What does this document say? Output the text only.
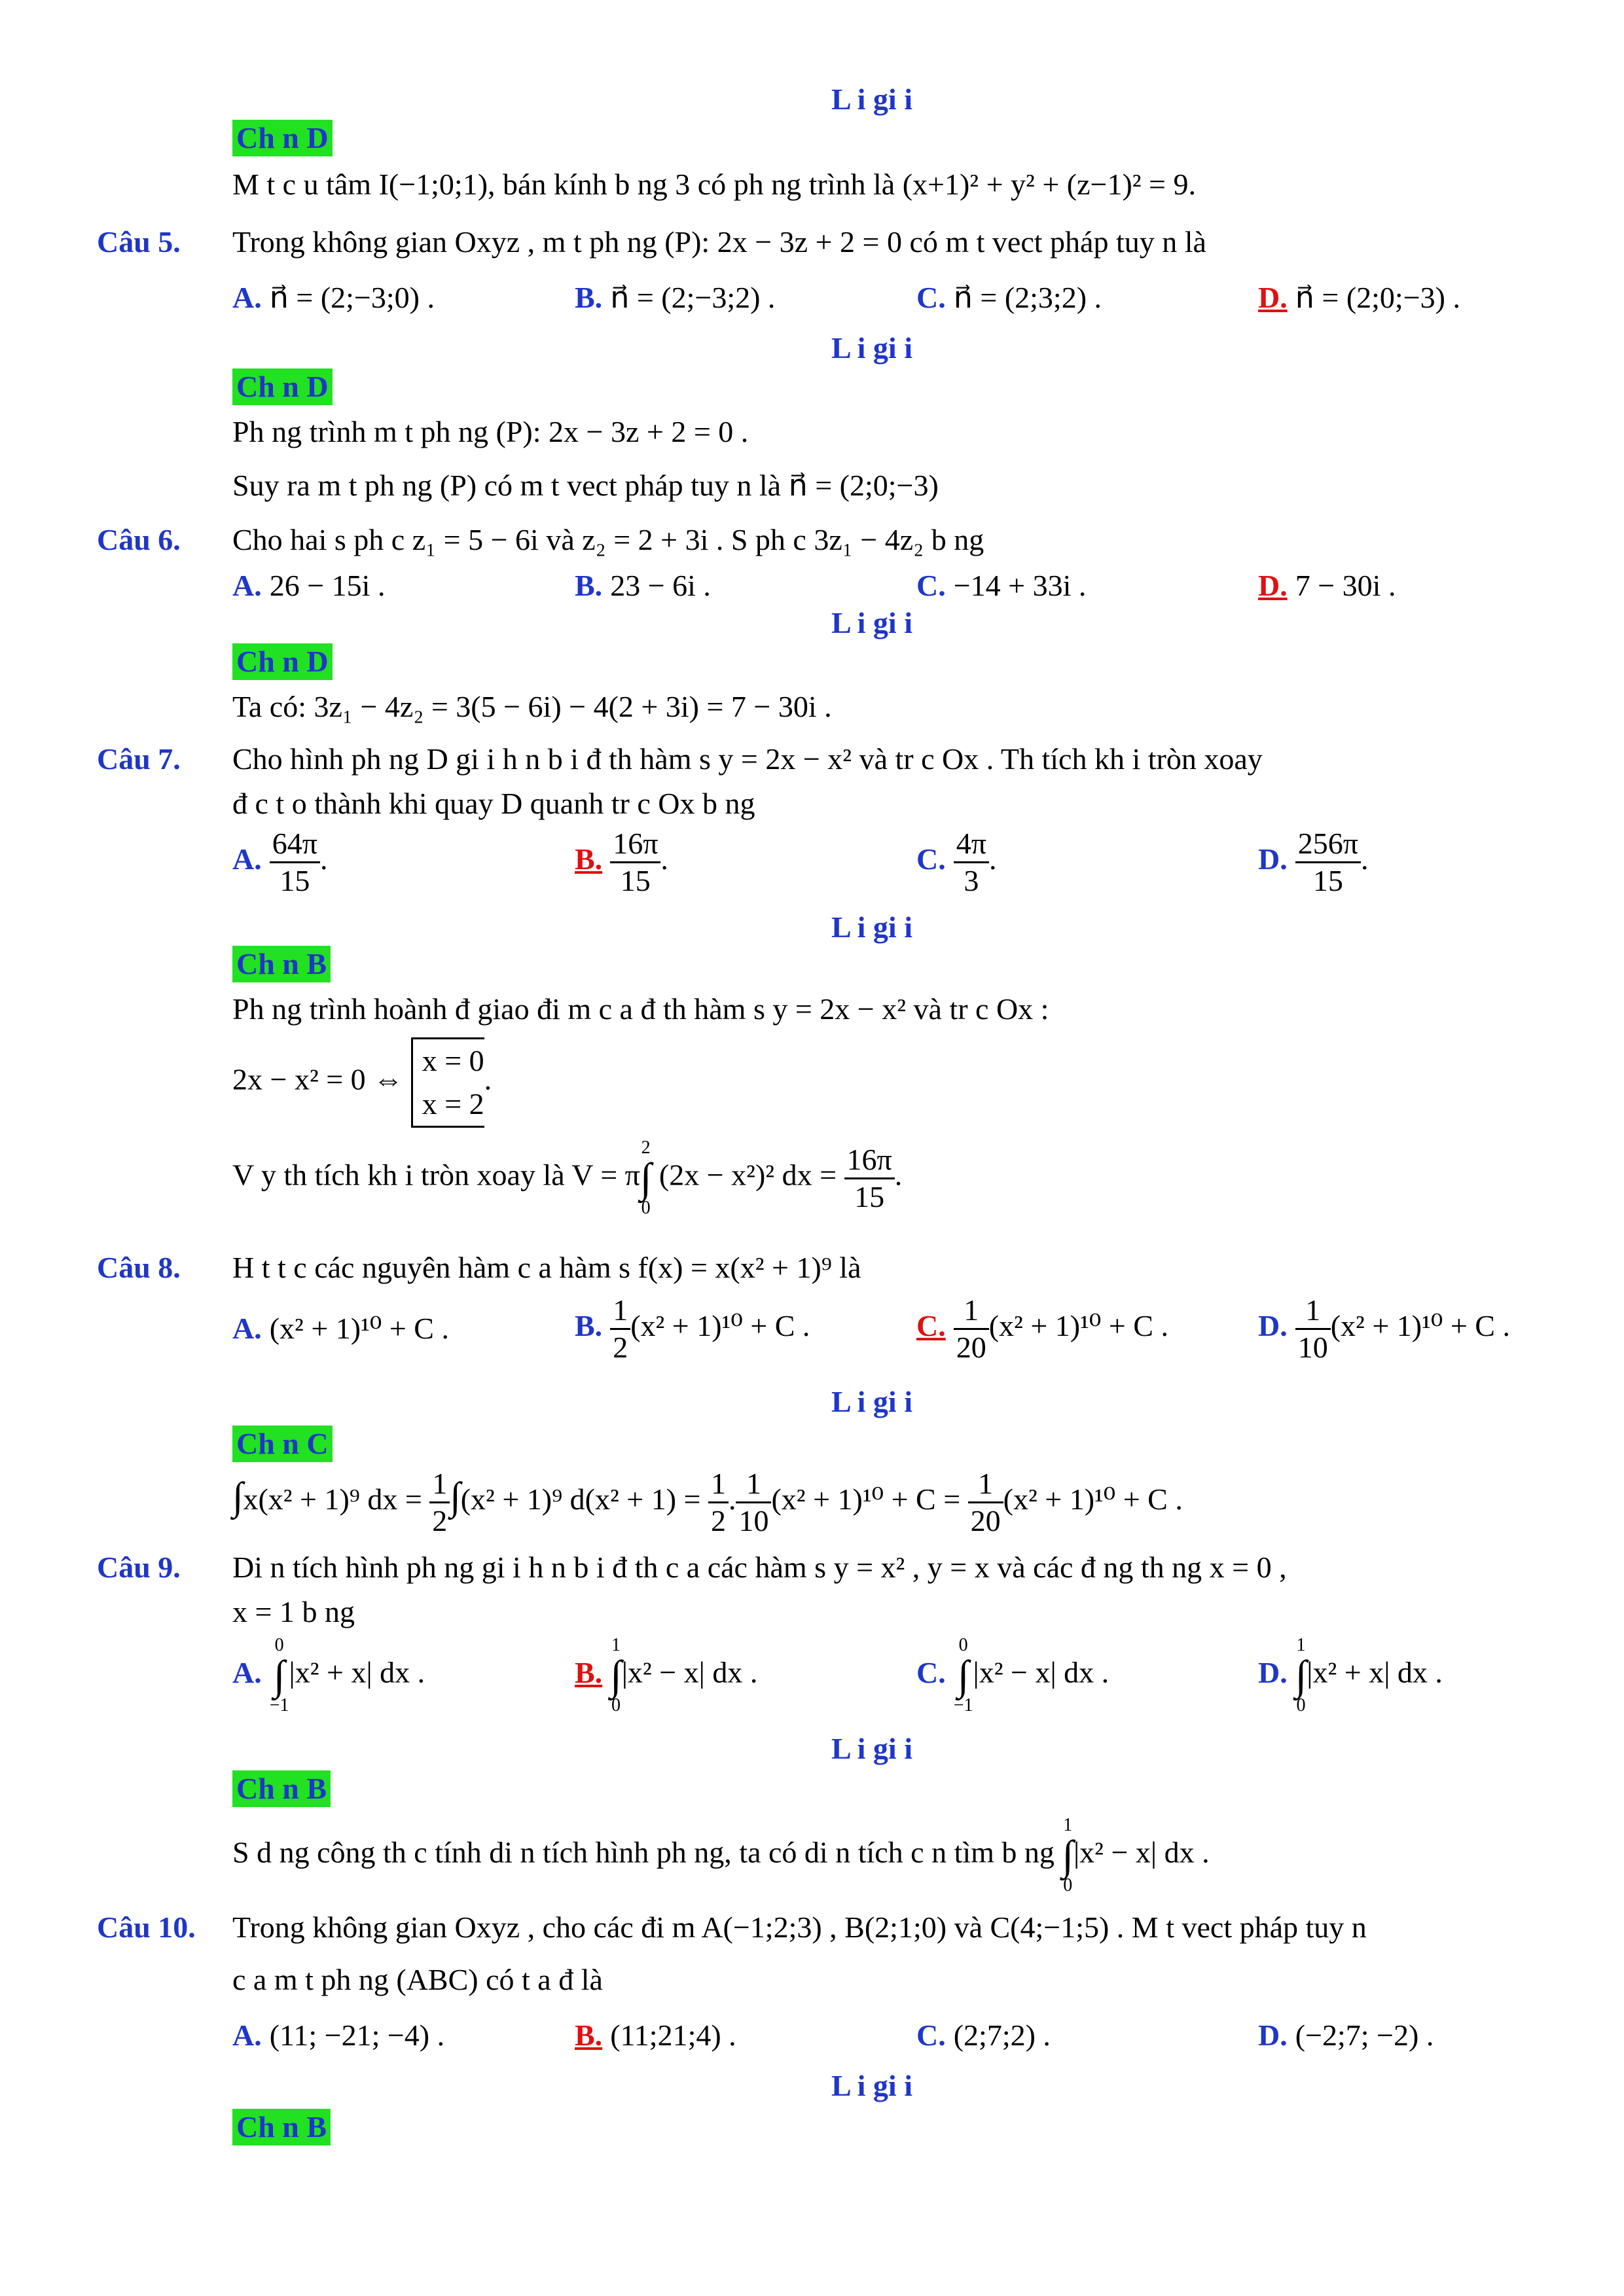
L i gi i
Ch n D
M t c u tâm I(−1;0;1), bán kính b ng 3 có ph ng trình là (x+1)² + y² + (z−1)² = 9.
Câu 5. Trong không gian Oxyz , m t ph ng (P): 2x − 3z + 2 = 0 có m t vect pháp tuy n là
A. n⃗ = (2;−3;0) .	B. n⃗ = (2;−3;2) .	C. n⃗ = (2;3;2) .	D. n⃗ = (2;0;−3) .
L i gi i
Ch n D
Ph ng trình m t ph ng (P): 2x − 3z + 2 = 0 .
Suy ra m t ph ng (P) có m t vect pháp tuy n là n⃗ = (2;0;−3)
Câu 6. Cho hai s ph c z₁ = 5 − 6i và z₂ = 2 + 3i . S ph c 3z₁ − 4z₂ b ng
A. 26 − 15i .	B. 23 − 6i .	C. −14 + 33i .	D. 7 − 30i .
L i gi i
Ch n D
Ta có: 3z₁ − 4z₂ = 3(5 − 6i) − 4(2 + 3i) = 7 − 30i .
Câu 7. Cho hình ph ng D gi i h n b i đ th hàm s y = 2x − x² và tr c Ox . Th tích kh i tròn xoay
đ c t o thành khi quay D quanh tr c Ox b ng
A. $\frac{64\pi}{15}$ .	B. $\frac{16\pi}{15}$ .	C. $\frac{4\pi}{3}$ .	D. $\frac{256\pi}{15}$ .
L i gi i
Ch n B
Ph ng trình hoành đ giao đi m c a đ th hàm s y = 2x − x² và tr c Ox :
2x − x² = 0 ⇔
x = 0
x = 2
.
V y th tích kh i tròn xoay là V = π
2
∫
0
(2x − x²)² dx = $\frac{16\pi}{15}$ .
Câu 8. H t t c các nguyên hàm c a hàm s f(x) = x(x² + 1)⁹ là
A. (x² + 1)¹⁰ + C .	B. $\frac{1}{2} (x^2 + 1)^{10} + C$ .	C. $\frac{1}{20} (x^2 + 1)^{10} + C$ .	D. $\frac{1}{10} (x^2 + 1)^{10} + C$ .
L i gi i
Ch n C
∫x(x² + 1)⁹ dx = $\frac{1}{2} \int(x^2 + 1)^9$ $d(x^2 + 1) = \frac{1}{2}$ . $\frac{1}{10} (x^2 + 1)^{10} + C = \frac{1}{20} (x^2 + 1)^{10} + C$ .
Câu 9. Di n tích hình ph ng gi i h n b i đ th c a các hàm s y = x² , y = x và các đ ng th ng x = 0 ,
x = 1 b ng
A.
0
∫
−1
|x² + x| dx .	B.
1
∫
0
|x² − x| dx .	C.
0
∫
−1
|x² − x| dx .	D.
1
∫
0
|x² + x| dx .
L i gi i
Ch n B
S d ng công th c tính di n tích hình ph ng, ta có di n tích c n tìm b ng
1
∫
0
|x² − x| dx .
Câu 10. Trong không gian Oxyz , cho các đi m A(−1;2;3) , B(2;1;0) và C(4;−1;5) . M t vect pháp tuy n
c a m t ph ng (ABC) có t a đ là
A. (11; −21; −4) .	B. (11;21;4) .	C. (2;7;2) .	D. (−2;7; −2) .
L i gi i
Ch n B
